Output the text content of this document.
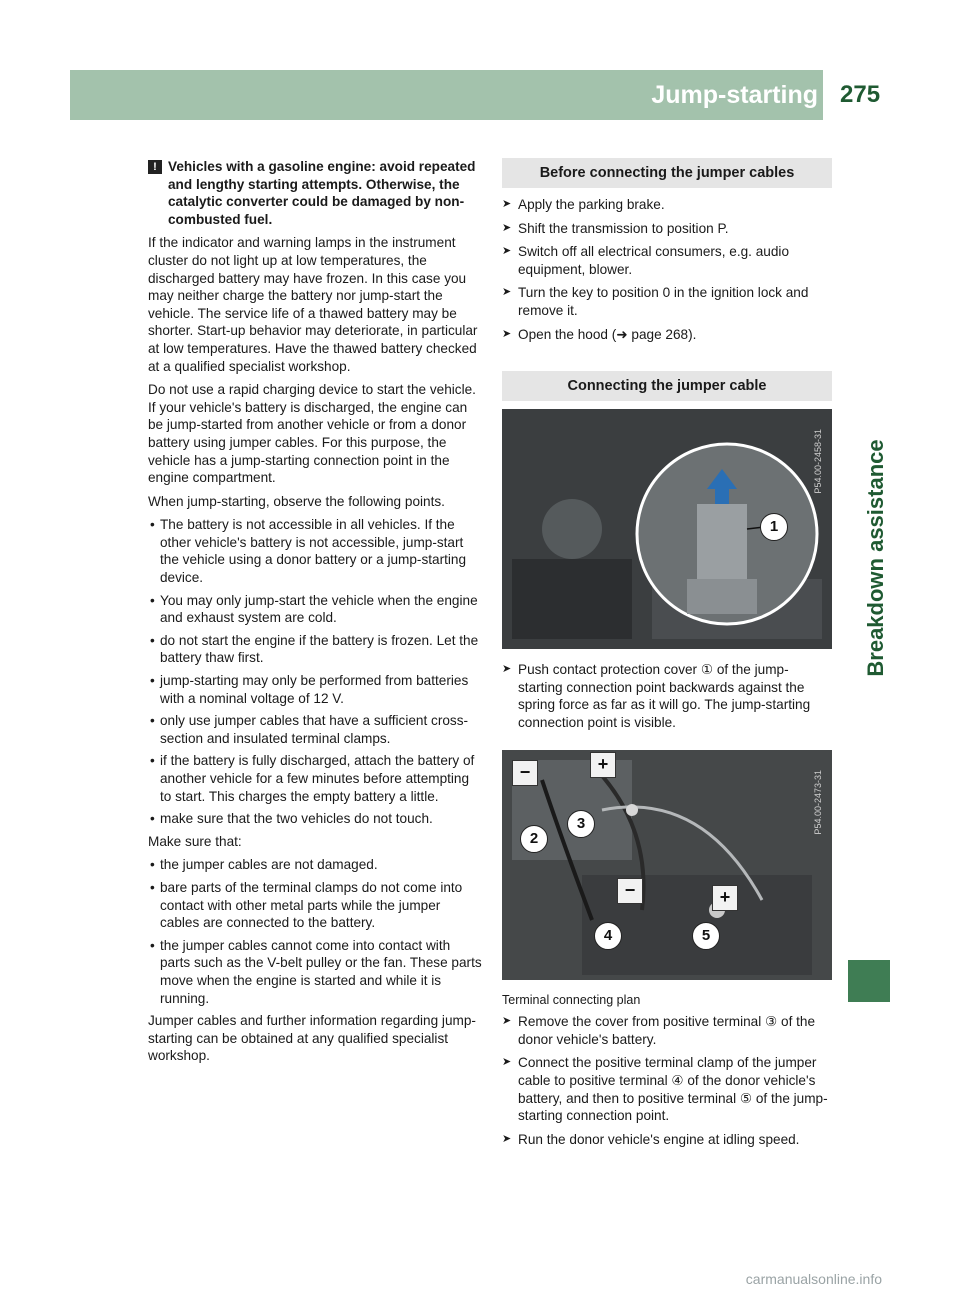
Jump-starting 275
Breakdown assistance
! Vehicles with a gasoline engine: avoid repeated and lengthy starting attempts. Otherwise, the catalytic converter could be damaged by non-combusted fuel.

If the indicator and warning lamps in the instrument cluster do not light up at low temperatures, the discharged battery may have frozen. In this case you may neither charge the battery nor jump-start the vehicle. The service life of a thawed battery may be shorter. Start-up behavior may deteriorate, in particular at low temperatures. Have the thawed battery checked at a qualified specialist workshop.

Do not use a rapid charging device to start the vehicle. If your vehicle's battery is discharged, the engine can be jump-started from another vehicle or from a donor battery using jumper cables. For this purpose, the vehicle has a jump-starting connection point in the engine compartment.

When jump-starting, observe the following points.

• The battery is not accessible in all vehicles. If the other vehicle's battery is not accessible, jump-start the vehicle using a donor battery or a jump-starting device.
• You may only jump-start the vehicle when the engine and exhaust system are cold.
• do not start the engine if the battery is frozen. Let the battery thaw first.
• jump-starting may only be performed from batteries with a nominal voltage of 12 V.
• only use jumper cables that have a sufficient cross-section and insulated terminal clamps.
• if the battery is fully discharged, attach the battery of another vehicle for a few minutes before attempting to start. This charges the empty battery a little.
• make sure that the two vehicles do not touch.

Make sure that:

• the jumper cables are not damaged.
• bare parts of the terminal clamps do not come into contact with other metal parts while the jumper cables are connected to the battery.
• the jumper cables cannot come into contact with parts such as the V-belt pulley or the fan. These parts move when the engine is started and while it is running.

Jumper cables and further information regarding jump-starting can be obtained at any qualified specialist workshop.

Before connecting the jumper cables
➤ Apply the parking brake.
➤ Shift the transmission to position P.
➤ Switch off all electrical consumers, e.g. audio equipment, blower.
➤ Turn the key to position 0 in the ignition lock and remove it.
➤ Open the hood (➜ page 268).
Connecting the jumper cable
1
P54.00-2458-31
➤ Push contact protection cover ① of the jump-starting connection point backwards against the spring force as far as it will go. The jump-starting connection point is visible.
−	+
−	+
2
3
4	5
P54.00-2473-31
Terminal connecting plan
➤ Remove the cover from positive terminal ③ of the donor vehicle's battery.
➤ Connect the positive terminal clamp of the jumper cable to positive terminal ④ of the donor vehicle's battery, and then to positive terminal ⑤ of the jump-starting connection point.
➤ Run the donor vehicle's engine at idling speed.
carmanualsonline.info
